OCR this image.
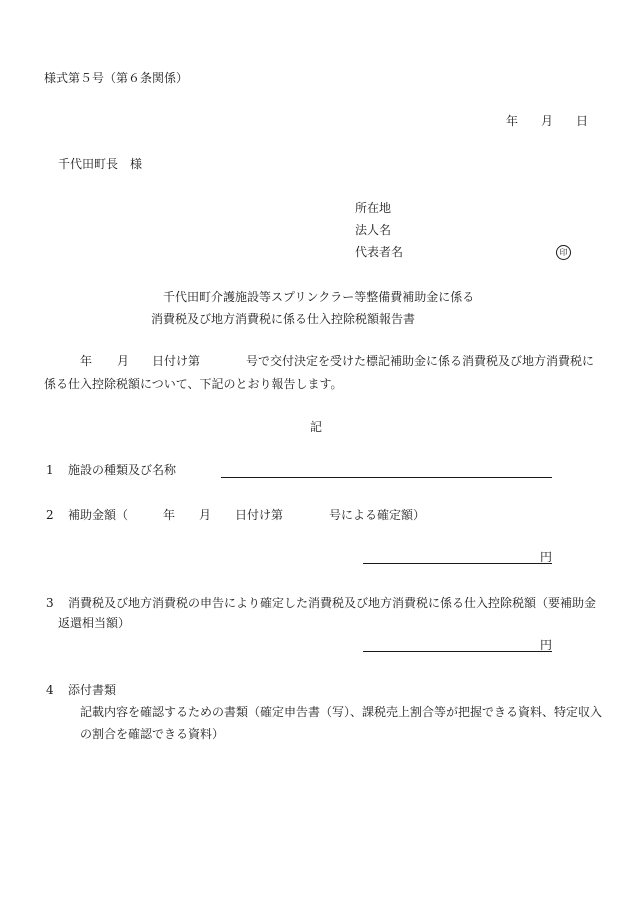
様式第５号（第６条関係）
年 月 日
千代田町長　様
所在地
法人名
代表者名	印
千代田町介護施設等スプリンクラー等整備費補助金に係る
消費税及び地方消費税に係る仕入控除税額報告書
年 月 日付け第	号で交付決定を受けた標記補助金に係る消費税及び地方消費税に
係る仕入控除税額について、下記のとおり報告します。
記
1 施設の種類及び名称
2 補助金額（	年 月 日付け第	号による確定額）
円
3 消費税及び地方消費税の申告により確定した消費税及び地方消費税に係る仕入控除税額（要補助金
返還相当額）
円
4 添付書類
記載内容を確認するための書類（確定申告書（写）、課税売上割合等が把握できる資料、特定収入
の割合を確認できる資料）
